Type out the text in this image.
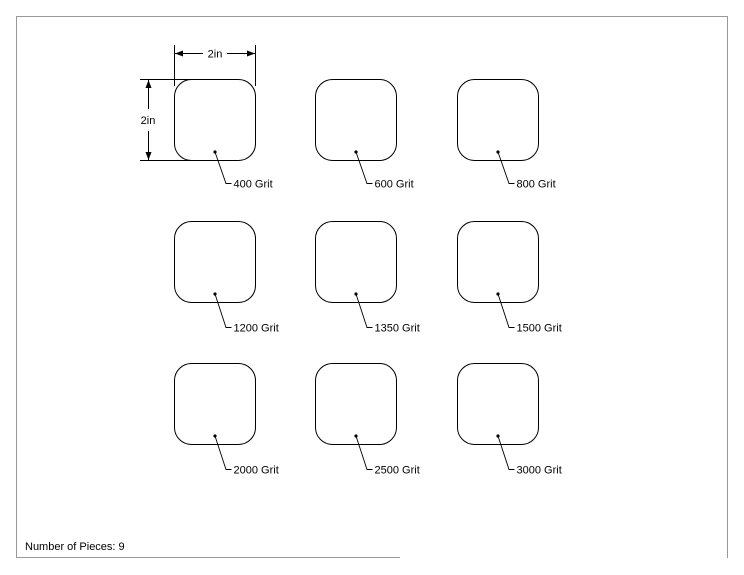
2in
2in
400 Grit	600 Grit	800 Grit
1200 Grit	1350 Grit	1500 Grit
2000 Grit	2500 Grit	3000 Grit
Number of Pieces: 9
